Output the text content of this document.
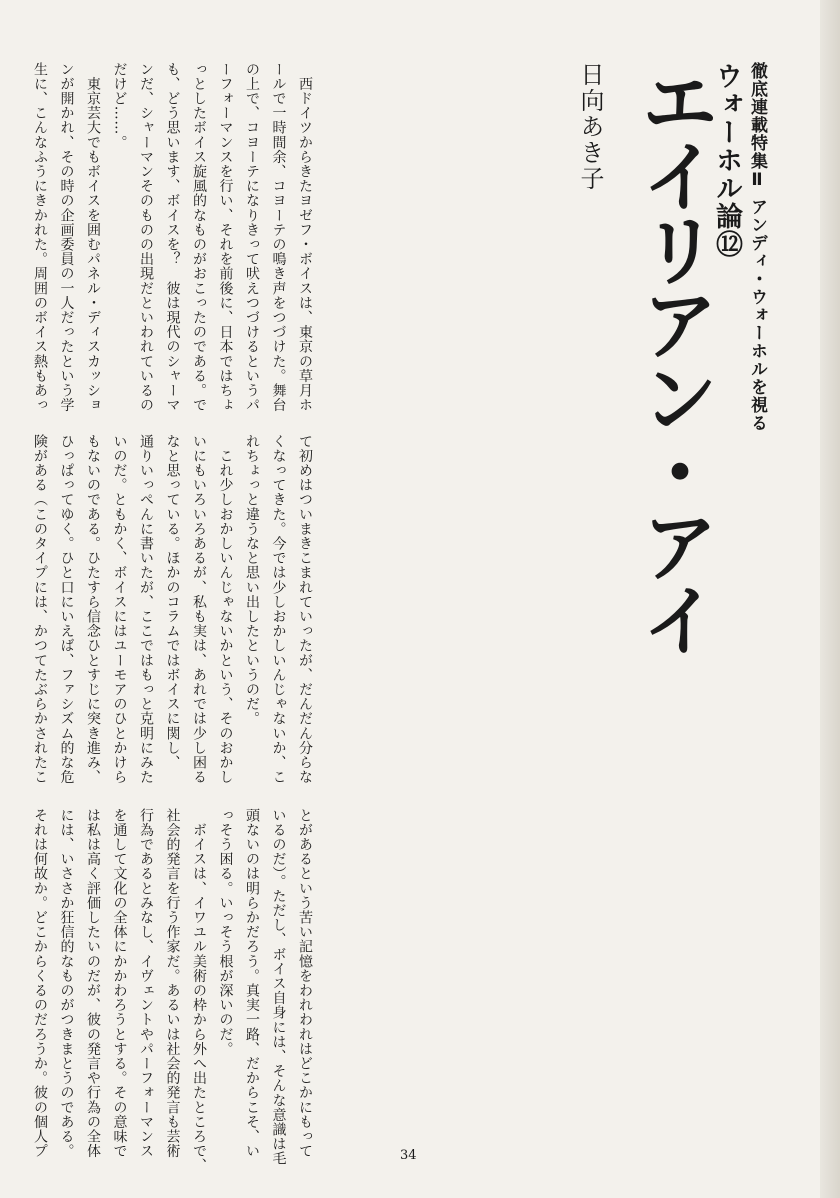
徹底連載特集Ⅱ アンディ・ウォーホルを視る
ウォーホル論⑫
エイリアン・アイ
日向あき子
　西ドイツからきたヨゼフ・ボイスは、東京の草月ホ
ールで一時間余、コヨーテの鳴き声をつづけた。舞台
の上で、コヨーテになりきって吠えつづけるというパ
ーフォーマンスを行い、それを前後に、日本ではちょ
っとしたボイス旋風的なものがおこったのである。で
も、どう思います、ボイスを？　彼は現代のシャーマ
ンだ、シャーマンそのものの出現だといわれているの
だけど……。
　東京芸大でもボイスを囲むパネル・ディスカッショ
ンが開かれ、その時の企画委員の一人だったという学
生に、こんなふうにきかれた。周囲のボイス熱もあっ
て初めはついまきこまれていったが、だんだん分らな
くなってきた。今では少しおかしいんじゃないか、こ
れちょっと違うなと思い出したというのだ。
　これ少しおかしいんじゃないかという、そのおかし
いにもいろいろあるが、私も実は、あれでは少し困る
なと思っている。ほかのコラムではボイスに関し、
通りいっぺんに書いたが、ここではもっと克明にみた
いのだ。ともかく、ボイスにはユーモアのひとかけら
もないのである。ひたすら信念ひとすじに突き進み、
ひっぱってゆく。ひと口にいえば、ファシズム的な危
険がある（このタイプには、かつてたぶらかされたこ
とがあるという苦い記憶をわれわれはどこかにもって
いるのだ）。ただし、ボイス自身には、そんな意識は毛
頭ないのは明らかだろう。真実一路、だからこそ、い
っそう困る。いっそう根が深いのだ。
　ボイスは、イワユル美術の枠から外へ出たところで、
社会的発言を行う作家だ。あるいは社会的発言も芸術
行為であるとみなし、イヴェントやパーフォーマンス
を通して文化の全体にかかわろうとする。その意味で
は私は高く評価したいのだが、彼の発言や行為の全体
には、いささか狂信的なものがつきまとうのである。
それは何故か。どこからくるのだろうか。彼の個人プ	34
